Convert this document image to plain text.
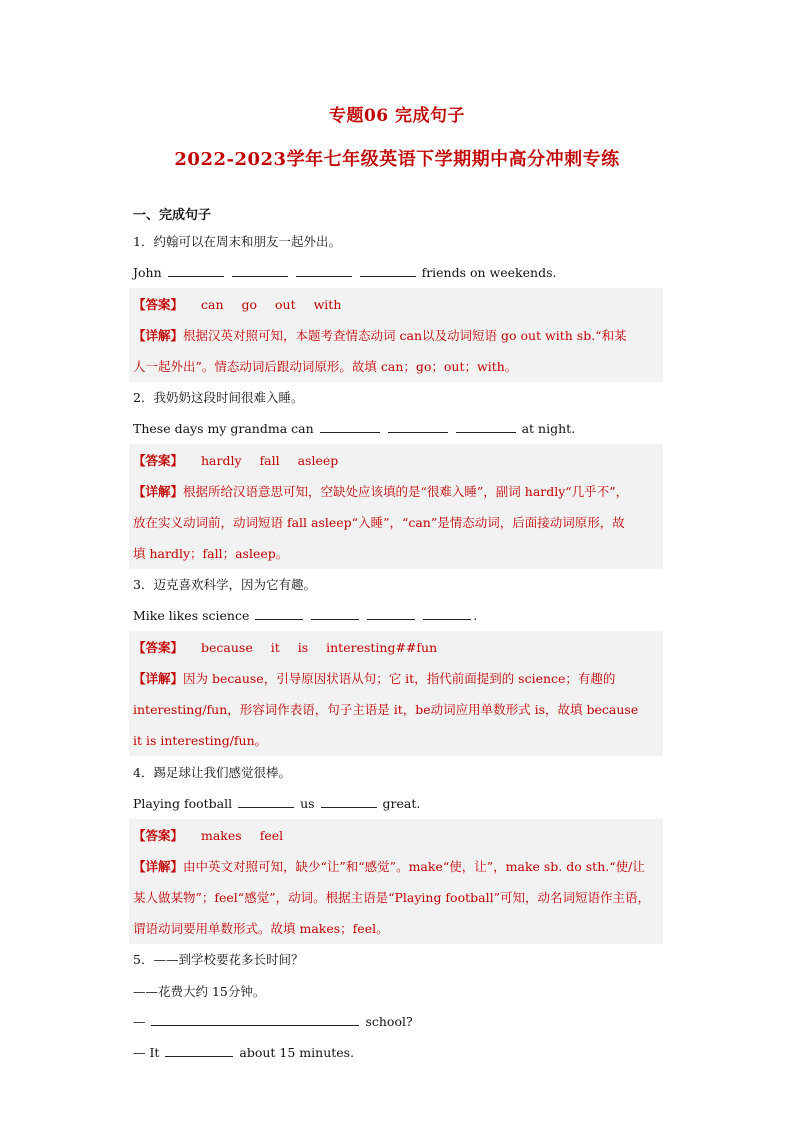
专题06 完成句子
2022-2023学年七年级英语下学期期中高分冲刺专练
一、完成句子
1．约翰可以在周末和朋友一起外出。
John	friends on weekends.
【答案】 can go out with
【详解】根据汉英对照可知，本题考查情态动词 can以及动词短语 go out with sb.“和某
人一起外出”。情态动词后跟动词原形。故填 can；go；out；with。
2．我奶奶这段时间很难入睡。
These days my grandma can	at night.
【答案】 hardly fall asleep
【详解】根据所给汉语意思可知，空缺处应该填的是“很难入睡”，副词 hardly“几乎不”，
放在实义动词前，动词短语 fall asleep“入睡”，“can”是情态动词，后面接动词原形，故
填 hardly；fall；asleep。
3．迈克喜欢科学，因为它有趣。
Mike likes science	.
【答案】 because it is interesting##fun
【详解】因为 because，引导原因状语从句；它 it，指代前面提到的 science；有趣的
interesting/fun，形容词作表语，句子主语是 it，be动词应用单数形式 is，故填 because
it is interesting/fun。
4．踢足球让我们感觉很棒。
Playing football	us	great.
【答案】 makes feel
【详解】由中英文对照可知，缺少“让”和“感觉”。make“使，让”，make sb. do sth.“使/让
某人做某物”；feel“感觉”，动词。根据主语是“Playing football”可知，动名词短语作主语，
谓语动词要用单数形式。故填 makes；feel。
5．——到学校要花多长时间？
——花费大约 15分钟。
—	school?
— It	about 15 minutes.
